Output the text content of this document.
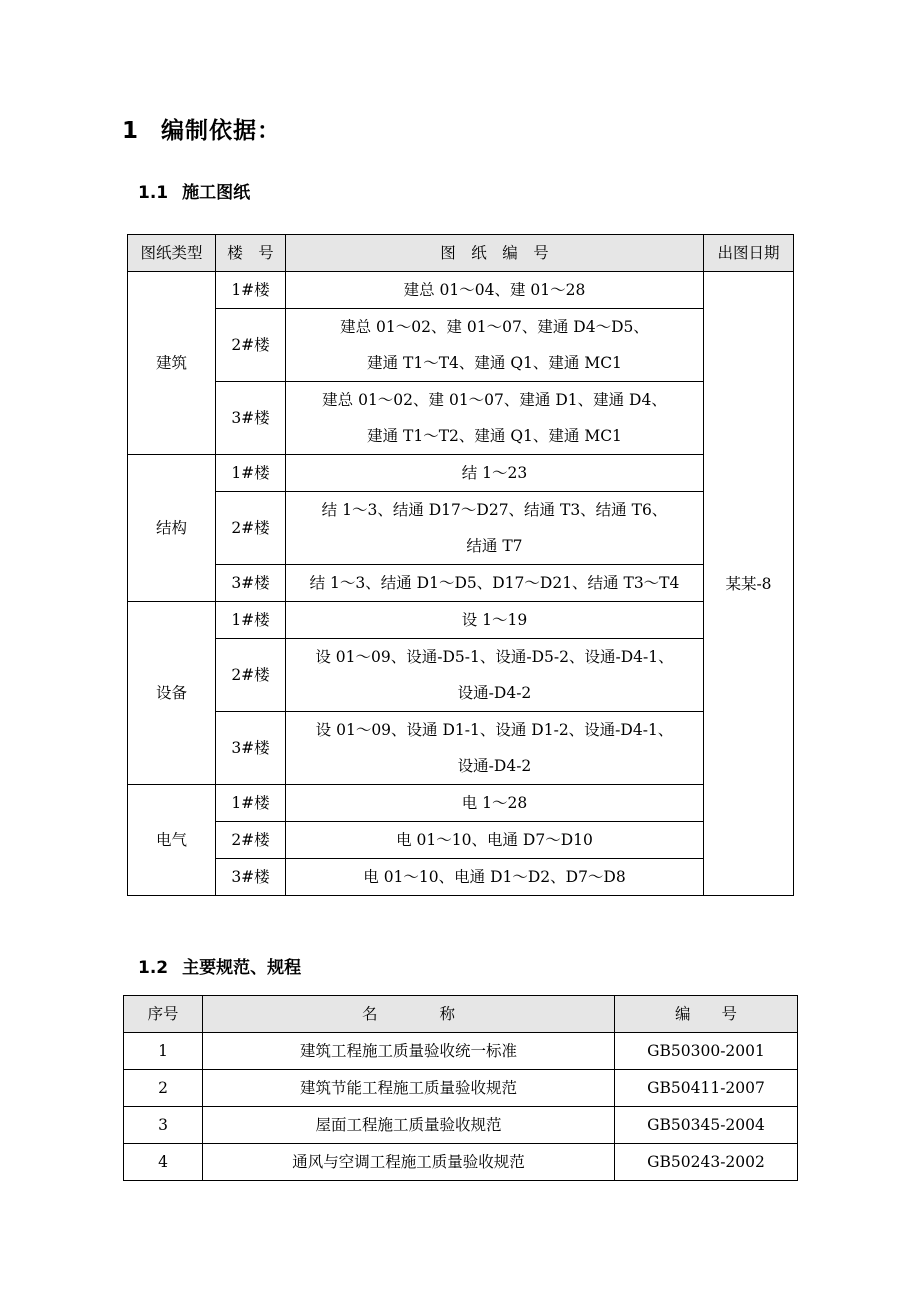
1 编制依据：
1.1 施工图纸
图纸类型	楼　号	图　纸　编　号	出图日期
建筑	1#楼	建总 01～04、建 01～28	某某-8
	2#楼	建总 01～02、建 01～07、建通 D4～D5、
建通 T1～T4、建通 Q1、建通 MC1	

	3#楼	建总 01～02、建 01～07、建通 D1、建通 D4、
建通 T1～T2、建通 Q1、建通 MC1	

结构	1#楼	结 1～23	

	2#楼	结 1～3、结通 D17～D27、结通 T3、结通 T6、
结通 T7	

	3#楼	结 1～3、结通 D1～D5、D17～D21、结通 T3～T4	

设备	1#楼	设 1～19	

	2#楼	设 01～09、设通-D5-1、设通-D5-2、设通-D4-1、
设通-D4-2	

	3#楼	设 01～09、设通 D1-1、设通 D1-2、设通-D4-1、
设通-D4-2	

电气	1#楼	电 1～28	

	2#楼	电 01～10、电通 D7～D10	

	3#楼	电 01～10、电通 D1～D2、D7～D8	
1.2 主要规范、规程
序号	名　　　　称	编　　号
1	建筑工程施工质量验收统一标准	GB50300-2001
2	建筑节能工程施工质量验收规范	GB50411-2007
3	屋面工程施工质量验收规范	GB50345-2004
4	通风与空调工程施工质量验收规范	GB50243-2002
